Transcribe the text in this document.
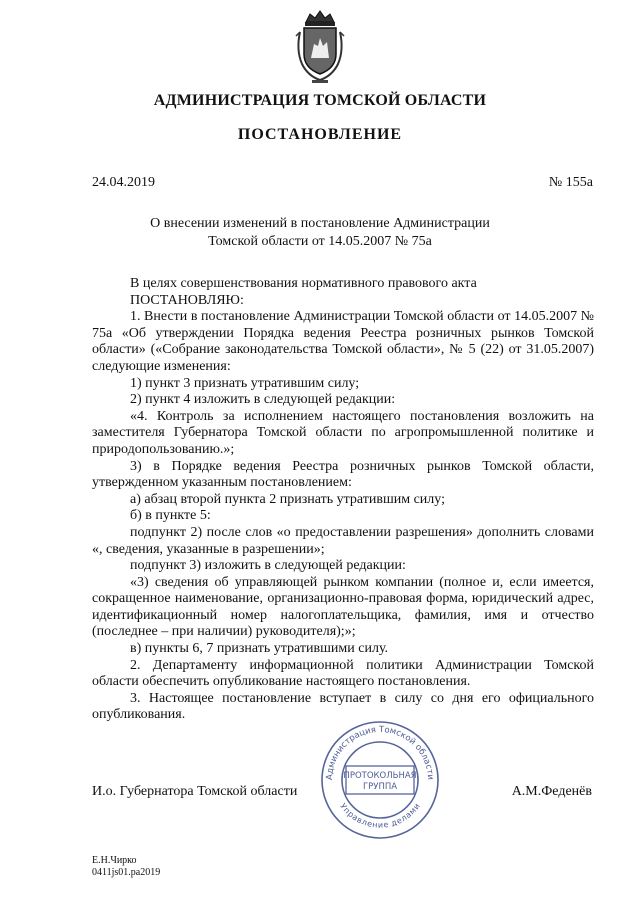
АДМИНИСТРАЦИЯ ТОМСКОЙ ОБЛАСТИ
ПОСТАНОВЛЕНИЕ
24.04.2019	№ 155а
О внесении изменений в постановление Администрации
Томской области от 14.05.2007 № 75а

В целях совершенствования нормативного правового акта

ПОСТАНОВЛЯЮ:

1. Внести в постановление Администрации Томской области от 14.05.2007 № 75а «Об утверждении Порядка ведения Реестра розничных рынков Томской области» («Собрание законодательства Томской области», № 5 (22) от 31.05.2007) следующие изменения:

1) пункт 3 признать утратившим силу;

2) пункт 4 изложить в следующей редакции:

«4. Контроль за исполнением настоящего постановления возложить на заместителя Губернатора Томской области по агропромышленной политике и природопользованию.»;

3) в Порядке ведения Реестра розничных рынков Томской области, утвержденном указанным постановлением:

а) абзац второй пункта 2 признать утратившим силу;

б) в пункте 5:

подпункт 2) после слов «о предоставлении разрешения» дополнить словами «, сведения, указанные в разрешении»;

подпункт 3) изложить в следующей редакции:

«3) сведения об управляющей рынком компании (полное и, если имеется, сокращенное наименование, организационно-правовая форма, юридический адрес, идентификационный номер налогоплательщика, фамилия, имя и отчество (последнее – при наличии) руководителя);»;

в) пункты 6, 7 признать утратившими силу.

2. Департаменту информационной политики Администрации Томской области обеспечить опубликование настоящего постановления.

3. Настоящее постановление вступает в силу со дня его официального опубликования.

Администрация Томской области
Управление делами
ПРОТОКОЛЬНАЯ
ГРУППА
И.о. Губернатора Томской области	А.М.Феденёв
Е.Н.Чирко
0411js01.pa2019
